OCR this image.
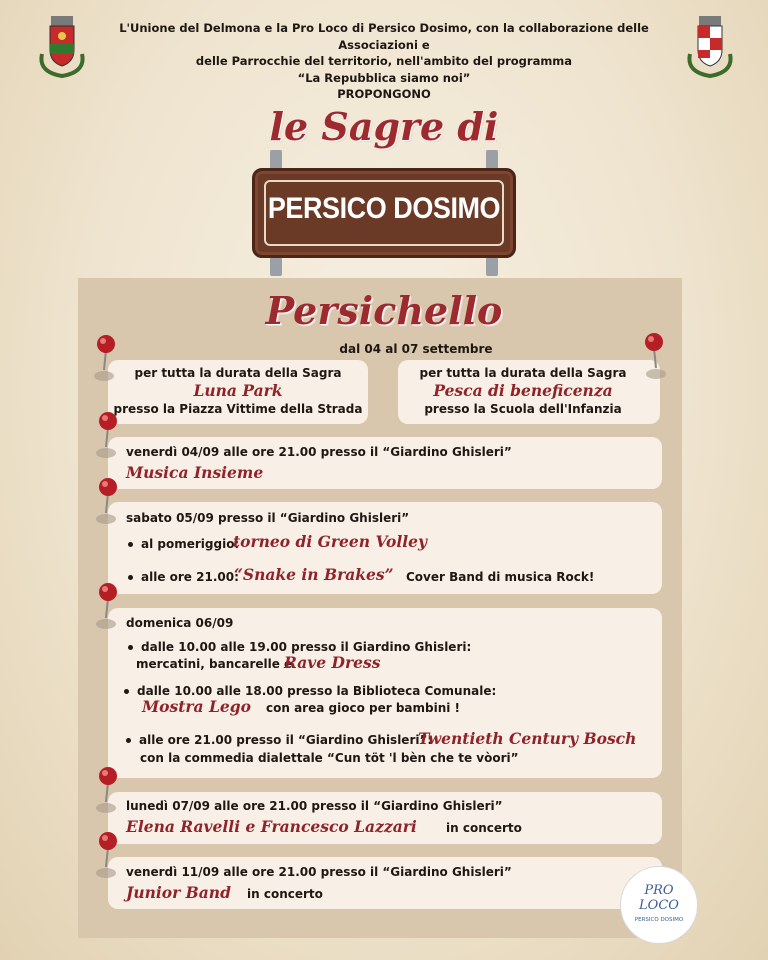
L'Unione del Delmona e la Pro Loco di Persico Dosimo, con la collaborazione delle Associazioni e
delle Parrocchie del territorio, nell'ambito del programma
“La Repubblica siamo noi”
PROPONGONO
le Sagre di
PERSICO DOSIMO
Persichello
dal 04 al 07 settembre
per tutta la durata della Sagra
Luna Park
presso la Piazza Vittime della Strada
per tutta la durata della Sagra
Pesca di beneficenza
presso la Scuola dell'Infanzia
venerdì 04/09 alle ore 21.00 presso il “Giardino Ghisleri”
Musica Insieme
sabato 05/09 presso il “Giardino Ghisleri”
al pomeriggio:
torneo di Green Volley
alle ore 21.00:
“Snake in Brakes” Cover Band di musica Rock!
domenica 06/09
dalle 10.00 alle 19.00 presso il Giardino Ghisleri:
mercatini, bancarelle e
Rave Dress
dalle 10.00 alle 18.00 presso la Biblioteca Comunale:
Mostra Lego con area gioco per bambini !
alle ore 21.00 presso il “Giardino Ghisleri”:
Twentieth Century Bosch
con la commedia dialettale “Cun töt 'l bèn che te vòori”
lunedì 07/09 alle ore 21.00 presso il “Giardino Ghisleri”
Elena Ravelli e Francesco Lazzari in concerto
venerdì 11/09 alle ore 21.00 presso il “Giardino Ghisleri”
Junior Band in concerto	PRO
LOCO
PERSICO DOSIMO
